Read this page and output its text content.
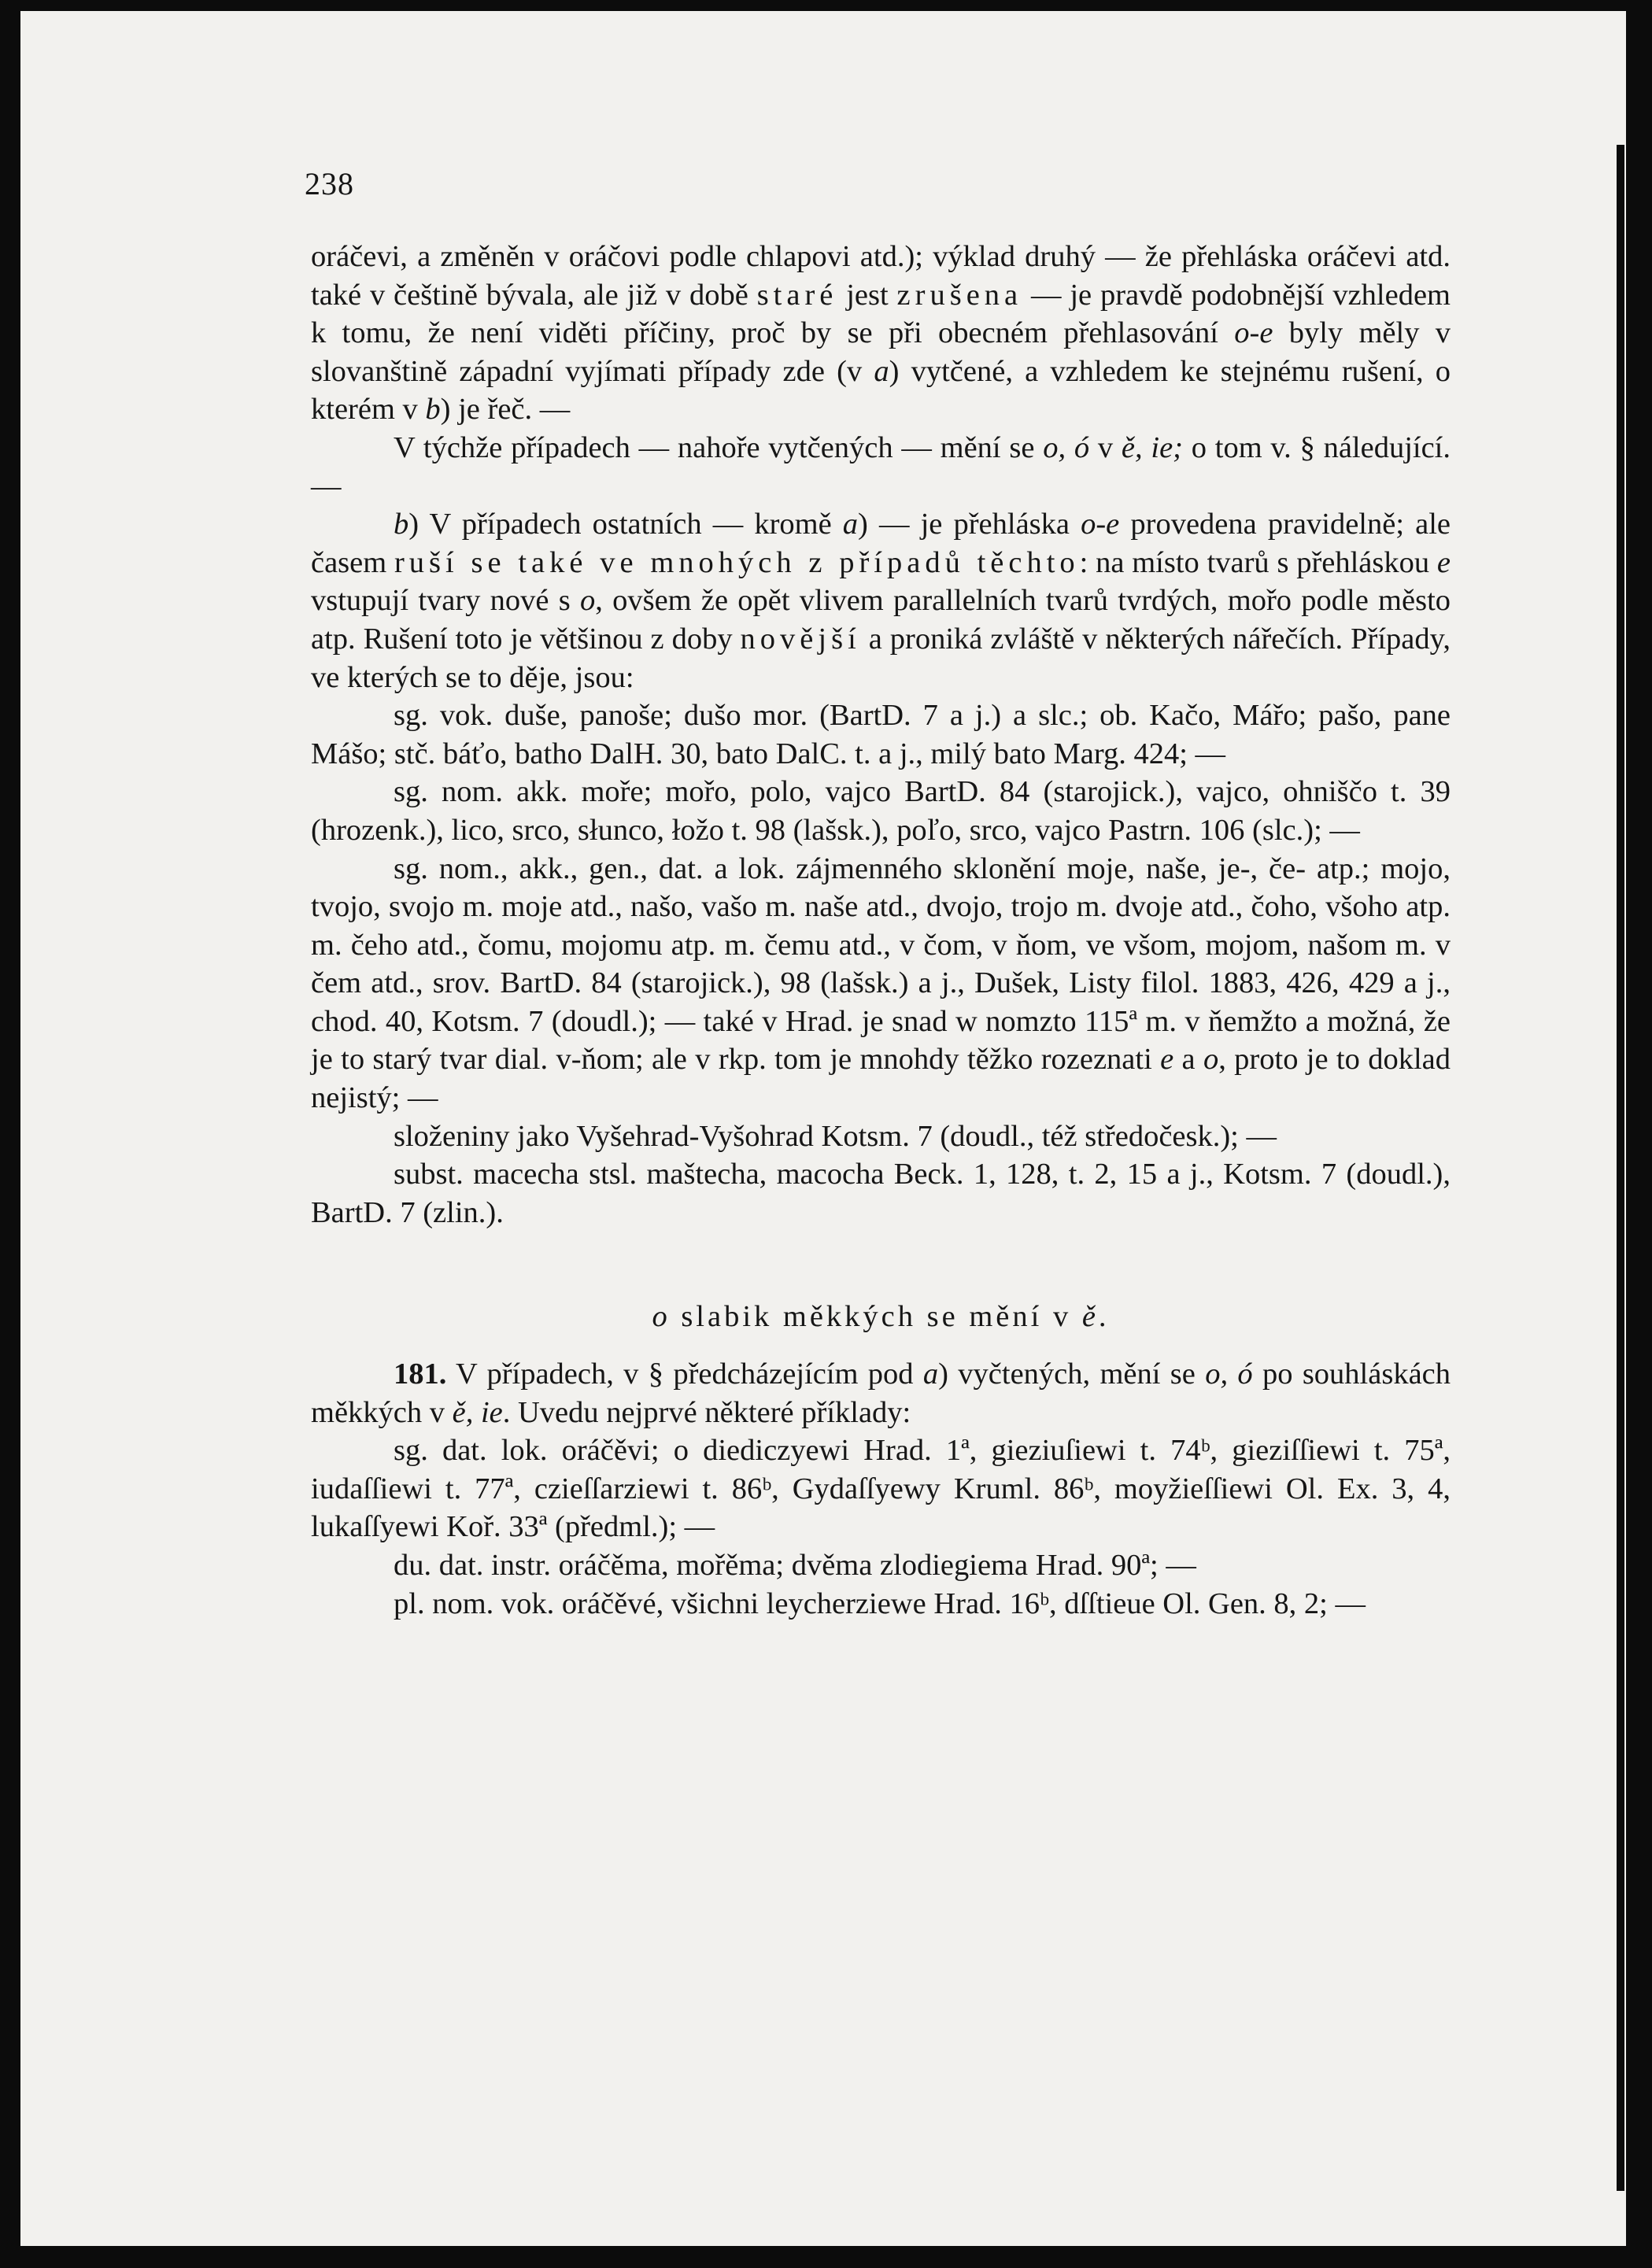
238

oráčevi, a změněn v oráčovi podle chlapovi atd.); výklad druhý — že přehláska oráčevi atd. také v češtině bývala, ale již v době staré jest zrušena — je pravdě podobnější vzhledem k tomu, že není viděti příčiny, proč by se při obecném přehlasování o-e byly měly v slovanštině západní vyjímati případy zde (v a) vytčené, a vzhledem ke stejnému rušení, o kterém v b) je řeč. —

V týchže případech — nahoře vytčených — mění se o, ó v ě, ie; o tom v. § náledující. —

b) V případech ostatních — kromě a) — je přehláska o-e provedena pravidelně; ale časem ruší se také ve mnohých z případů těchto: na místo tvarů s přehláskou e vstupují tvary nové s o, ovšem že opět vlivem parallelních tvarů tvrdých, mořo podle město atp. Rušení toto je většinou z doby novější a proniká zvláště v některých nářečích. Případy, ve kterých se to děje, jsou:

sg. vok. duše, panoše; dušo mor. (BartD. 7 a j.) a slc.; ob. Kačo, Mářo; pašo, pane Mášo; stč. báťo, batho DalH. 30, bato DalC. t. a j., milý bato Marg. 424; —

sg. nom. akk. moře; mořo, polo, vajco BartD. 84 (starojick.), vajco, ohniščo t. 39 (hrozenk.), lico, srco, słunco, łožo t. 98 (lašsk.), poľo, srco, vajco Pastrn. 106 (slc.); —

sg. nom., akk., gen., dat. a lok. zájmenného sklonění moje, naše, je-, če- atp.; mojo, tvojo, svojo m. moje atd., našo, vašo m. naše atd., dvojo, trojo m. dvoje atd., čoho, všoho atp. m. čeho atd., čomu, mojomu atp. m. čemu atd., v čom, v ňom, ve všom, mojom, našom m. v čem atd., srov. BartD. 84 (starojick.), 98 (lašsk.) a j., Dušek, Listy filol. 1883, 426, 429 a j., chod. 40, Kotsm. 7 (doudl.); — také v Hrad. je snad w nomzto 115ª m. v ňemžto a možná, že je to starý tvar dial. v-ňom; ale v rkp. tom je mnohdy těžko rozeznati e a o, proto je to doklad nejistý; —

složeniny jako Vyšehrad-Vyšohrad Kotsm. 7 (doudl., též středočesk.); —

subst. macecha stsl. maštecha, macocha Beck. 1, 128, t. 2, 15 a j., Kotsm. 7 (doudl.), BartD. 7 (zlin.).

o slabik měkkých se mění v ě.

181. V případech, v § předcházejícím pod a) vyčtených, mění se o, ó po souhláskách měkkých v ě, ie. Uvedu nejprvé některé příklady:

sg. dat. lok. oráčěvi; o diediczyewi Hrad. 1ª, gieziuſiewi t. 74ᵇ, gieziſſiewi t. 75ª, iudaſſiewi t. 77ª, czieſſarziewi t. 86ᵇ, Gydaſſyewy Kruml. 86ᵇ, moyžieſſiewi Ol. Ex. 3, 4, lukaſſyewi Koř. 33ª (předml.); —

du. dat. instr. oráčěma, mořěma; dvěma zlodiegiema Hrad. 90ª; —

pl. nom. vok. oráčěvé, všichni leycherziewe Hrad. 16ᵇ, dſſtieue Ol. Gen. 8, 2; —
